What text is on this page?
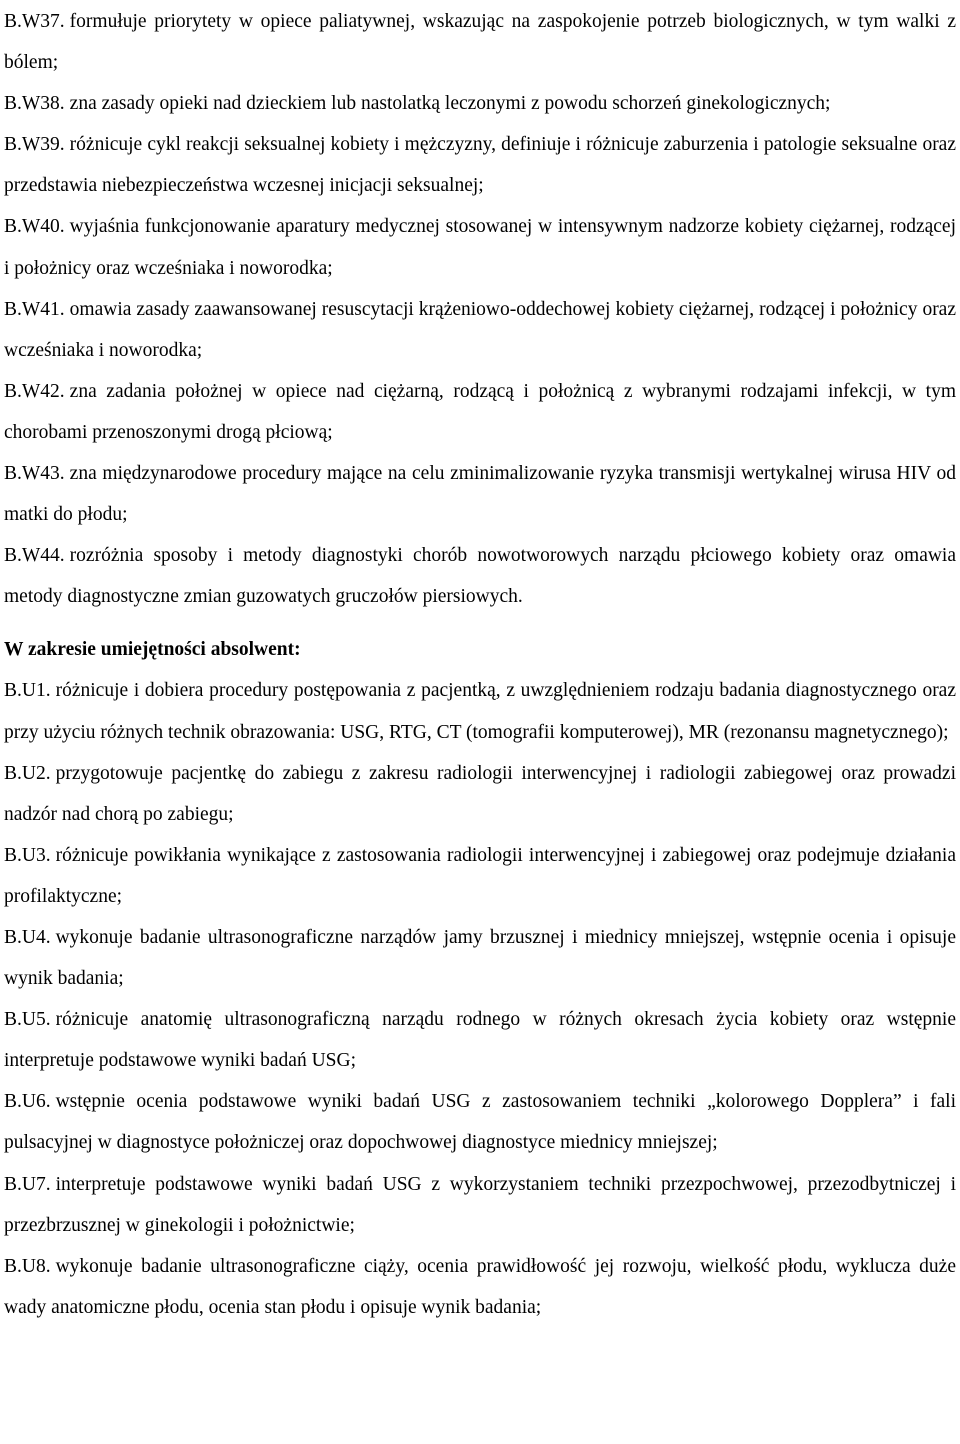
B.W37. formułuje priorytety w opiece paliatywnej, wskazując na zaspokojenie potrzeb biologicznych, w tym walki z bólem;

B.W38. zna zasady opieki nad dzieckiem lub nastolatką leczonymi z powodu schorzeń ginekologicznych;

B.W39. różnicuje cykl reakcji seksualnej kobiety i mężczyzny, definiuje i różnicuje zaburzenia i patologie seksualne oraz przedstawia niebezpieczeństwa wczesnej inicjacji seksualnej;

B.W40. wyjaśnia funkcjonowanie aparatury medycznej stosowanej w intensywnym nadzorze kobiety ciężarnej, rodzącej i położnicy oraz wcześniaka i noworodka;

B.W41. omawia zasady zaawansowanej resuscytacji krążeniowo-oddechowej kobiety ciężarnej, rodzącej i położnicy oraz wcześniaka i noworodka;

B.W42. zna zadania położnej w opiece nad ciężarną, rodzącą i położnicą z wybranymi rodzajami infekcji, w tym chorobami przenoszonymi drogą płciową;

B.W43. zna międzynarodowe procedury mające na celu zminimalizowanie ryzyka transmisji wertykalnej wirusa HIV od matki do płodu;

B.W44. rozróżnia sposoby i metody diagnostyki chorób nowotworowych narządu płciowego kobiety oraz omawia metody diagnostyczne zmian guzowatych gruczołów piersiowych.

W zakresie umiejętności absolwent:

B.U1. różnicuje i dobiera procedury postępowania z pacjentką, z uwzględnieniem rodzaju badania diagnostycznego oraz przy użyciu różnych technik obrazowania: USG, RTG, CT (tomografii komputerowej), MR (rezonansu magnetycznego);

B.U2. przygotowuje pacjentkę do zabiegu z zakresu radiologii interwencyjnej i radiologii zabiegowej oraz prowadzi nadzór nad chorą po zabiegu;

B.U3. różnicuje powikłania wynikające z zastosowania radiologii interwencyjnej i zabiegowej oraz podejmuje działania profilaktyczne;

B.U4. wykonuje badanie ultrasonograficzne narządów jamy brzusznej i miednicy mniejszej, wstępnie ocenia i opisuje wynik badania;

B.U5. różnicuje anatomię ultrasonograficzną narządu rodnego w różnych okresach życia kobiety oraz wstępnie interpretuje podstawowe wyniki badań USG;

B.U6. wstępnie ocenia podstawowe wyniki badań USG z zastosowaniem techniki „kolorowego Dopplera” i fali pulsacyjnej w diagnostyce położniczej oraz dopochwowej diagnostyce miednicy mniejszej;

B.U7. interpretuje podstawowe wyniki badań USG z wykorzystaniem techniki przezpochwowej, przezodbytniczej i przezbrzusznej w ginekologii i położnictwie;

B.U8. wykonuje badanie ultrasonograficzne ciąży, ocenia prawidłowość jej rozwoju, wielkość płodu, wyklucza duże wady anatomiczne płodu, ocenia stan płodu i opisuje wynik badania;
